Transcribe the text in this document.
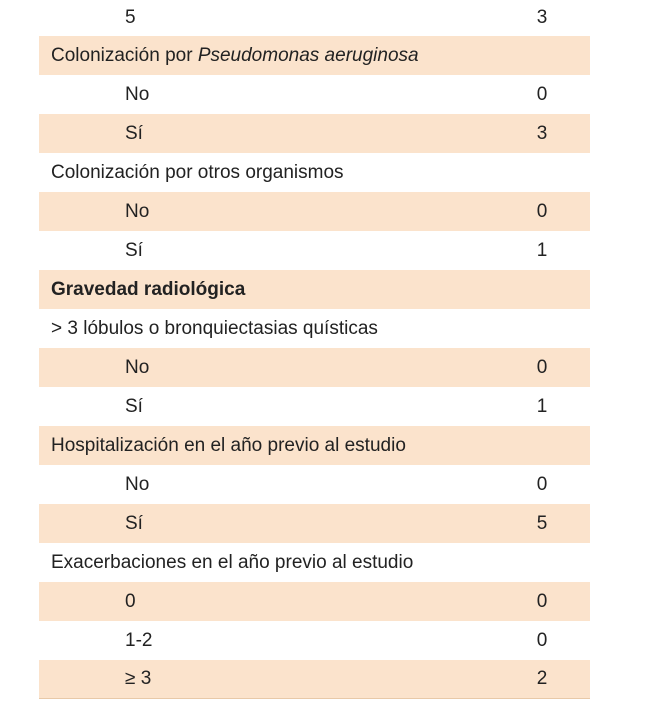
5	3
Colonización por Pseudomonas aeruginosa	
No	0
Sí	3
Colonización por otros organismos	
No	0
Sí	1
Gravedad radiológica	
> 3 lóbulos o bronquiectasias quísticas	
No	0
Sí	1
Hospitalización en el año previo al estudio	
No	0
Sí	5
Exacerbaciones en el año previo al estudio	
0	0
1-2	0
≥ 3	2
